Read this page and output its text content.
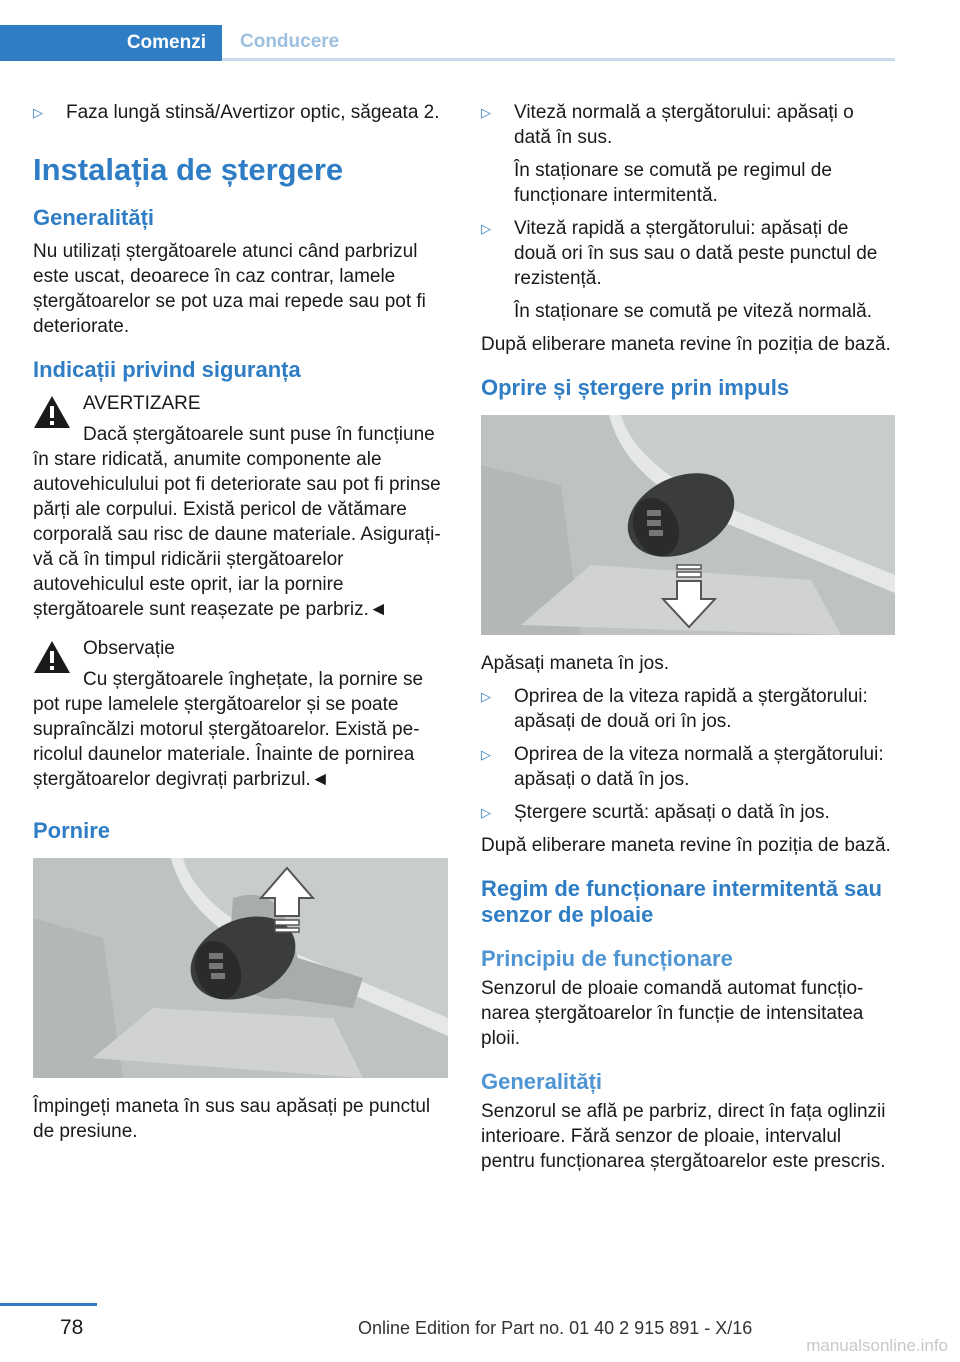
Comenzi	Conducere
▷ Faza lungă stinsă/Avertizor optic, săgeata 2.
Instalația de ștergere
Generalități

Nu utilizați ștergătoarele atunci când parbrizul este uscat, deoarece în caz contrar, lamele ștergătoarelor se pot uza mai repede sau pot fi deteriorate.

Indicații privind siguranța
AVERTIZARE
Dacă ștergătoarele sunt puse în funcțiune în stare ridicată, anumite componente ale autovehiculului pot fi deteriorate sau pot fi prinse părți ale corpului. Există pericol de vătămare corporală sau risc de daune materiale. Asigurați-vă că în timpul ridicării ștergătoarelor autovehiculul este oprit, iar la pornire ștergătoarele sunt reașezate pe parbriz.◄
Observație
Cu ștergătoarele înghețate, la pornire se pot rupe lamelele ștergătoarelor și se poate supraîncălzi motorul ștergătoarelor. Există pericolul daunelor materiale. Înainte de pornirea ștergătoarelor degivrați parbrizul.◄
Pornire

Împingeți maneta în sus sau apăsați pe punctul de presiune.

▷ Viteză normală a ștergătorului: apăsați o dată în sus.
În staționare se comută pe regimul de funcționare intermitentă.
▷ Viteză rapidă a ștergătorului: apăsați de două ori în sus sau o dată peste punctul de rezistență.
În staționare se comută pe viteză normală.

După eliberare maneta revine în poziția de bază.

Oprire și ștergere prin impuls

Apăsați maneta în jos.

▷ Oprirea de la viteza rapidă a ștergătorului: apăsați de două ori în jos.
▷ Oprirea de la viteza normală a ștergătorului: apăsați o dată în jos.
▷ Ștergere scurtă: apăsați o dată în jos.

După eliberare maneta revine în poziția de bază.

Regim de funcționare intermitentă sau senzor de ploaie
Principiu de funcționare

Senzorul de ploaie comandă automat funcționarea ștergătoarelor în funcție de intensitatea ploii.

Generalități

Senzorul se află pe parbriz, direct în fața oglinzii interioare. Fără senzor de ploaie, intervalul pentru funcționarea ștergătoarelor este prescris.

78	Online Edition for Part no. 01 40 2 915 891 - X/16
manualsonline.info
